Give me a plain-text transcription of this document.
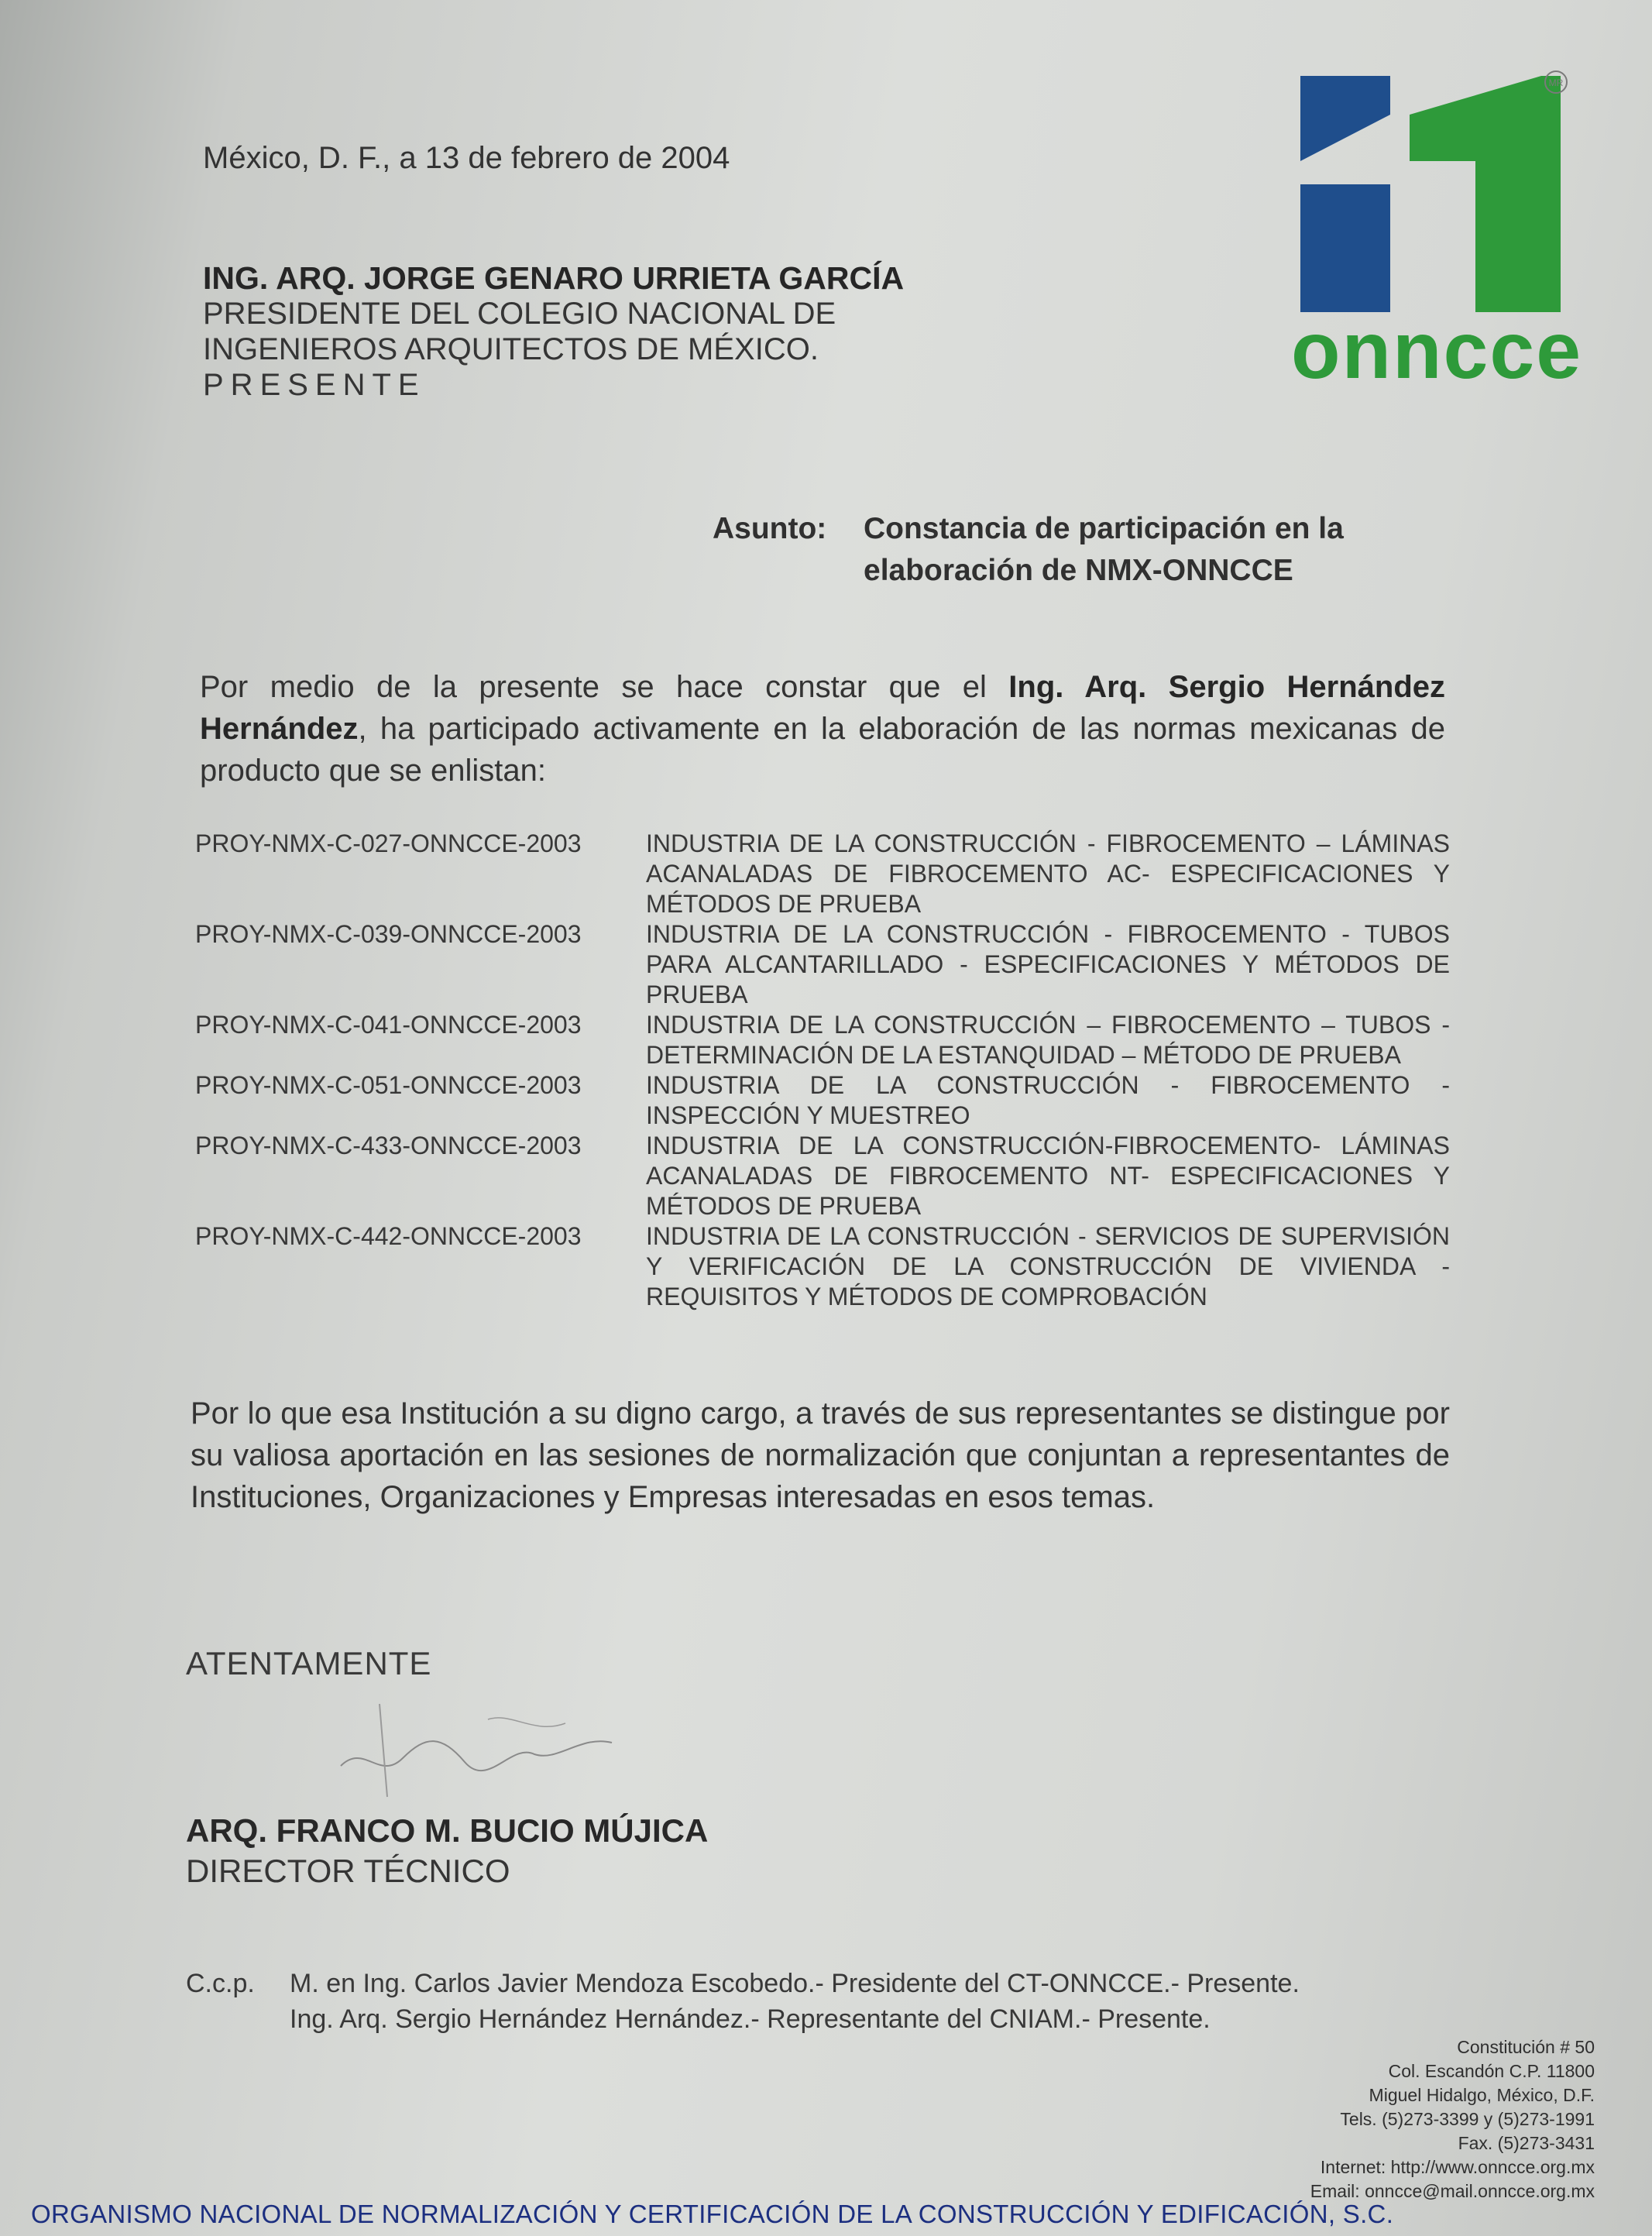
MR
onncce
México, D. F., a 13 de febrero de 2004
ING. ARQ. JORGE GENARO URRIETA GARCÍA
PRESIDENTE DEL COLEGIO NACIONAL DE
INGENIEROS ARQUITECTOS DE MÉXICO.
PRESENTE
Asunto: Constancia de participación en la elaboración de NMX-ONNCCE
Por medio de la presente se hace constar que el Ing. Arq. Sergio Hernández Hernández, ha participado activamente en la elaboración de las normas mexicanas de producto que se enlistan:
PROY-NMX-C-027-ONNCCE-2003	INDUSTRIA DE LA CONSTRUCCIÓN - FIBROCEMENTO – LÁMINAS ACANALADAS DE FIBROCEMENTO AC- ESPECIFICACIONES Y MÉTODOS DE PRUEBA
PROY-NMX-C-039-ONNCCE-2003	INDUSTRIA DE LA CONSTRUCCIÓN - FIBROCEMENTO - TUBOS PARA ALCANTARILLADO - ESPECIFICACIONES Y MÉTODOS DE PRUEBA
PROY-NMX-C-041-ONNCCE-2003	INDUSTRIA DE LA CONSTRUCCIÓN – FIBROCEMENTO – TUBOS - DETERMINACIÓN DE LA ESTANQUIDAD – MÉTODO DE PRUEBA
PROY-NMX-C-051-ONNCCE-2003	INDUSTRIA DE LA CONSTRUCCIÓN - FIBROCEMENTO - INSPECCIÓN Y MUESTREO
PROY-NMX-C-433-ONNCCE-2003	INDUSTRIA DE LA CONSTRUCCIÓN-FIBROCEMENTO- LÁMINAS ACANALADAS DE FIBROCEMENTO NT- ESPECIFICACIONES Y MÉTODOS DE PRUEBA
PROY-NMX-C-442-ONNCCE-2003	INDUSTRIA DE LA CONSTRUCCIÓN - SERVICIOS DE SUPERVISIÓN Y VERIFICACIÓN DE LA CONSTRUCCIÓN DE VIVIENDA - REQUISITOS Y MÉTODOS DE COMPROBACIÓN
Por lo que esa Institución a su digno cargo, a través de sus representantes se distingue por su valiosa aportación en las sesiones de normalización que conjuntan a representantes de Instituciones, Organizaciones y Empresas interesadas en esos temas.
ATENTAMENTE
ARQ. FRANCO M. BUCIO MÚJICA
DIRECTOR TÉCNICO
C.c.p. M. en Ing. Carlos Javier Mendoza Escobedo.- Presidente del CT-ONNCCE.- Presente.
Ing. Arq. Sergio Hernández Hernández.- Representante del CNIAM.- Presente.
Constitución # 50
Col. Escandón C.P. 11800
Miguel Hidalgo, México, D.F.
Tels. (5)273-3399 y (5)273-1991
Fax. (5)273-3431
Internet: http://www.onncce.org.mx
Email: onncce@mail.onncce.org.mx
ORGANISMO NACIONAL DE NORMALIZACIÓN Y CERTIFICACIÓN DE LA CONSTRUCCIÓN Y EDIFICACIÓN, S.C.
